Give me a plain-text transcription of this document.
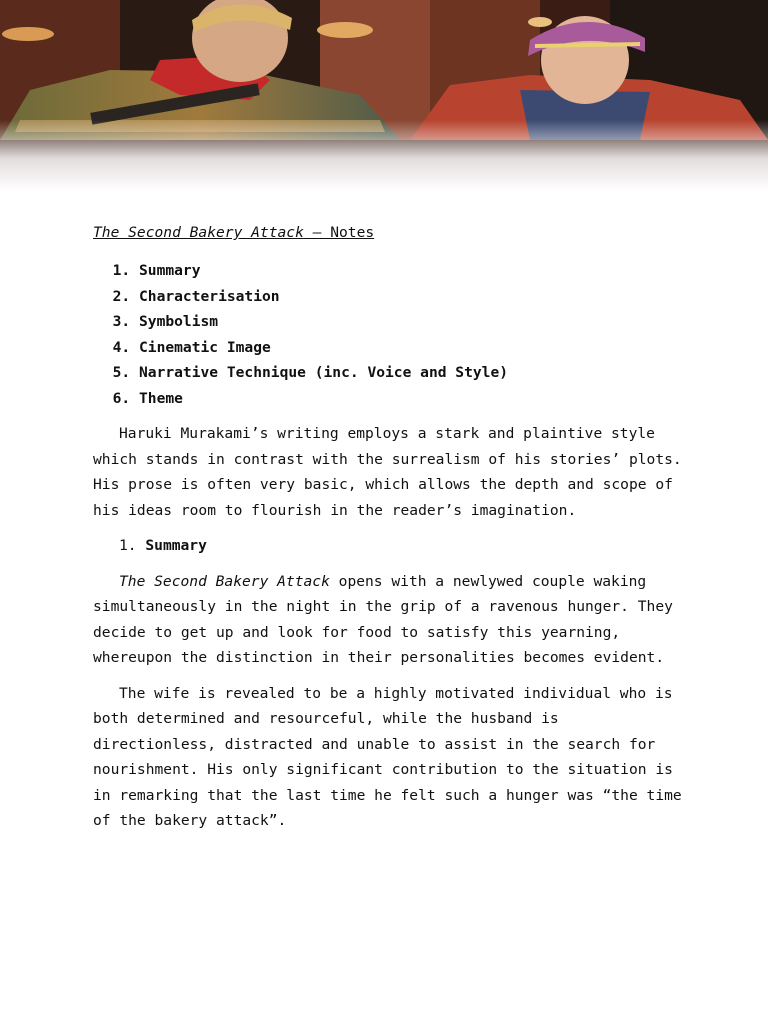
The Second Bakery Attack – Notes
1. Summary
2. Characterisation
3. Symbolism
4. Cinematic Image
5. Narrative Technique (inc. Voice and Style)
6. Theme

Haruki Murakami’s writing employs a stark and plaintive style which stands in contrast with the surrealism of his stories’ plots. His prose is often very basic, which allows the depth and scope of his ideas room to flourish in the reader’s imagination.

1. Summary

The Second Bakery Attack opens with a newlywed couple waking simultaneously in the night in the grip of a ravenous hunger. They decide to get up and look for food to satisfy this yearning, whereupon the distinction in their personalities becomes evident.

The wife is revealed to be a highly motivated individual who is both determined and resourceful, while the husband is directionless, distracted and unable to assist in the search for nourishment. His only significant contribution to the situation is in remarking that the last time he felt such a hunger was “the time of the bakery attack”.
